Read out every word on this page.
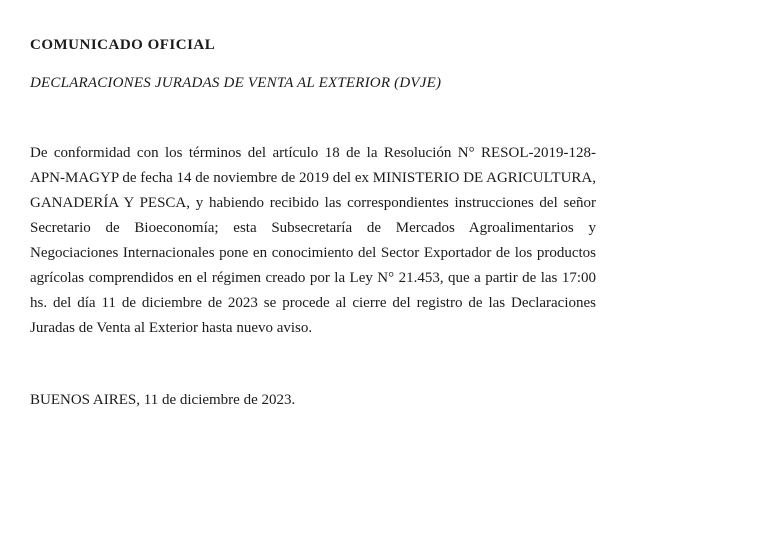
COMUNICADO OFICIAL
DECLARACIONES JURADAS DE VENTA AL EXTERIOR (DVJE)

De conformidad con los términos del artículo 18 de la Resolución N° RESOL-2019-128-APN-MAGYP de fecha 14 de noviembre de 2019 del ex MINISTERIO DE AGRICULTURA, GANADERÍA Y PESCA, y habiendo recibido las correspondientes instrucciones del señor Secretario de Bioeconomía; esta Subsecretaría de Mercados Agroalimentarios y Negociaciones Internacionales pone en conocimiento del Sector Exportador de los productos agrícolas comprendidos en el régimen creado por la Ley N° 21.453, que a partir de las 17:00 hs. del día 11 de diciembre de 2023 se procede al cierre del registro de las Declaraciones Juradas de Venta al Exterior hasta nuevo aviso.

BUENOS AIRES, 11 de diciembre de 2023.
